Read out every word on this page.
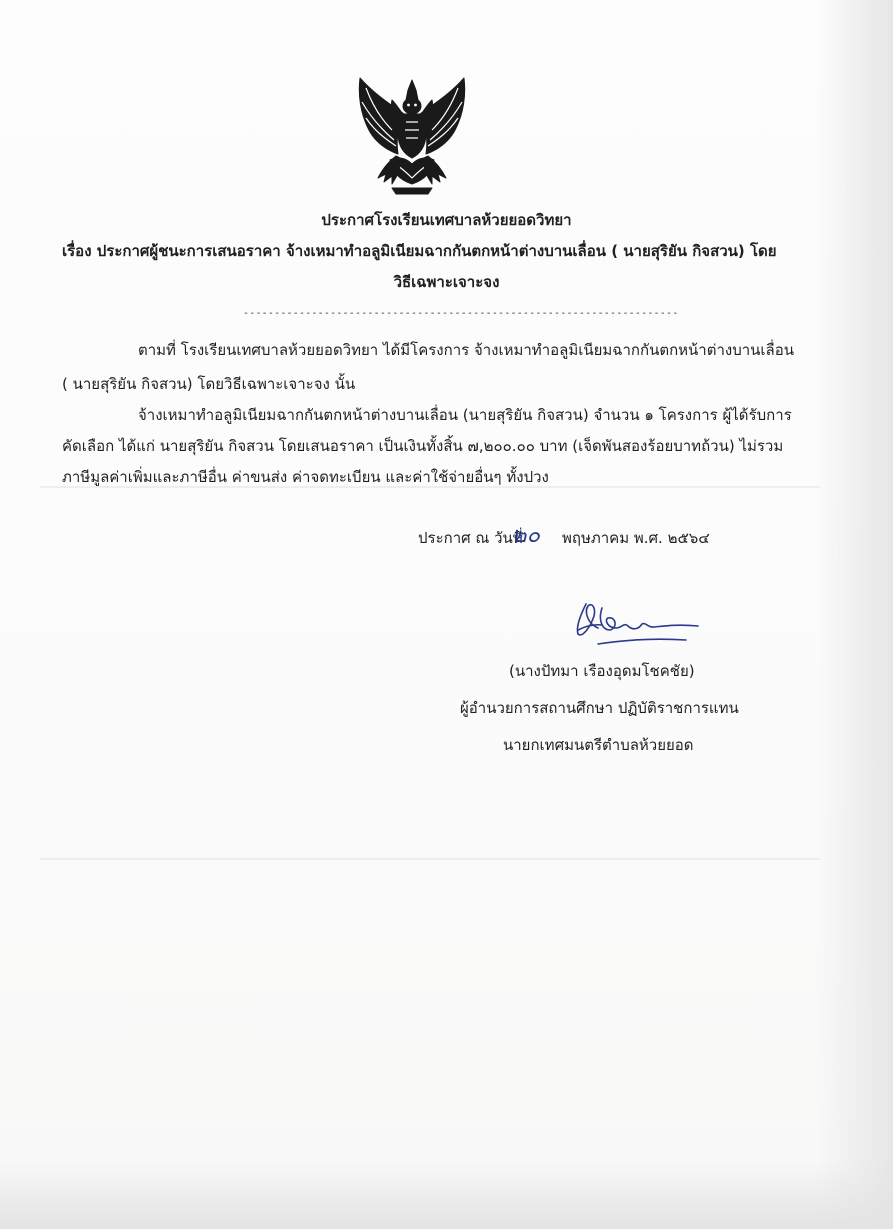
ประกาศโรงเรียนเทศบาลห้วยยอดวิทยา

เรื่อง ประกาศผู้ชนะการเสนอราคา จ้างเหมาทำอลูมิเนียมฉากกันตกหน้าต่างบานเลื่อน ( นายสุริยัน กิจสวน) โดย

วิธีเฉพาะเจาะจง

----------------------------------------------------------------------

ตามที่ โรงเรียนเทศบาลห้วยยอดวิทยา ได้มีโครงการ จ้างเหมาทำอลูมิเนียมฉากกันตกหน้าต่างบานเลื่อน

( นายสุริยัน กิจสวน) โดยวิธีเฉพาะเจาะจง นั้น

จ้างเหมาทำอลูมิเนียมฉากกันตกหน้าต่างบานเลื่อน (นายสุริยัน กิจสวน) จำนวน ๑ โครงการ ผู้ได้รับการ

คัดเลือก ได้แก่ นายสุริยัน กิจสวน โดยเสนอราคา เป็นเงินทั้งสิ้น ๗,๒๐๐.๐๐ บาท (เจ็ดพันสองร้อยบาทถ้วน) ไม่รวม

ภาษีมูลค่าเพิ่มและภาษีอื่น ค่าขนส่ง ค่าจดทะเบียน และค่าใช้จ่ายอื่นๆ ทั้งปวง

ประกาศ ณ วันที่

๒๐ พฤษภาคม พ.ศ. ๒๕๖๔

(นางปัทมา เรืองอุดมโชคชัย)

ผู้อำนวยการสถานศึกษา ปฏิบัติราชการแทน

นายกเทศมนตรีตำบลห้วยยอด
